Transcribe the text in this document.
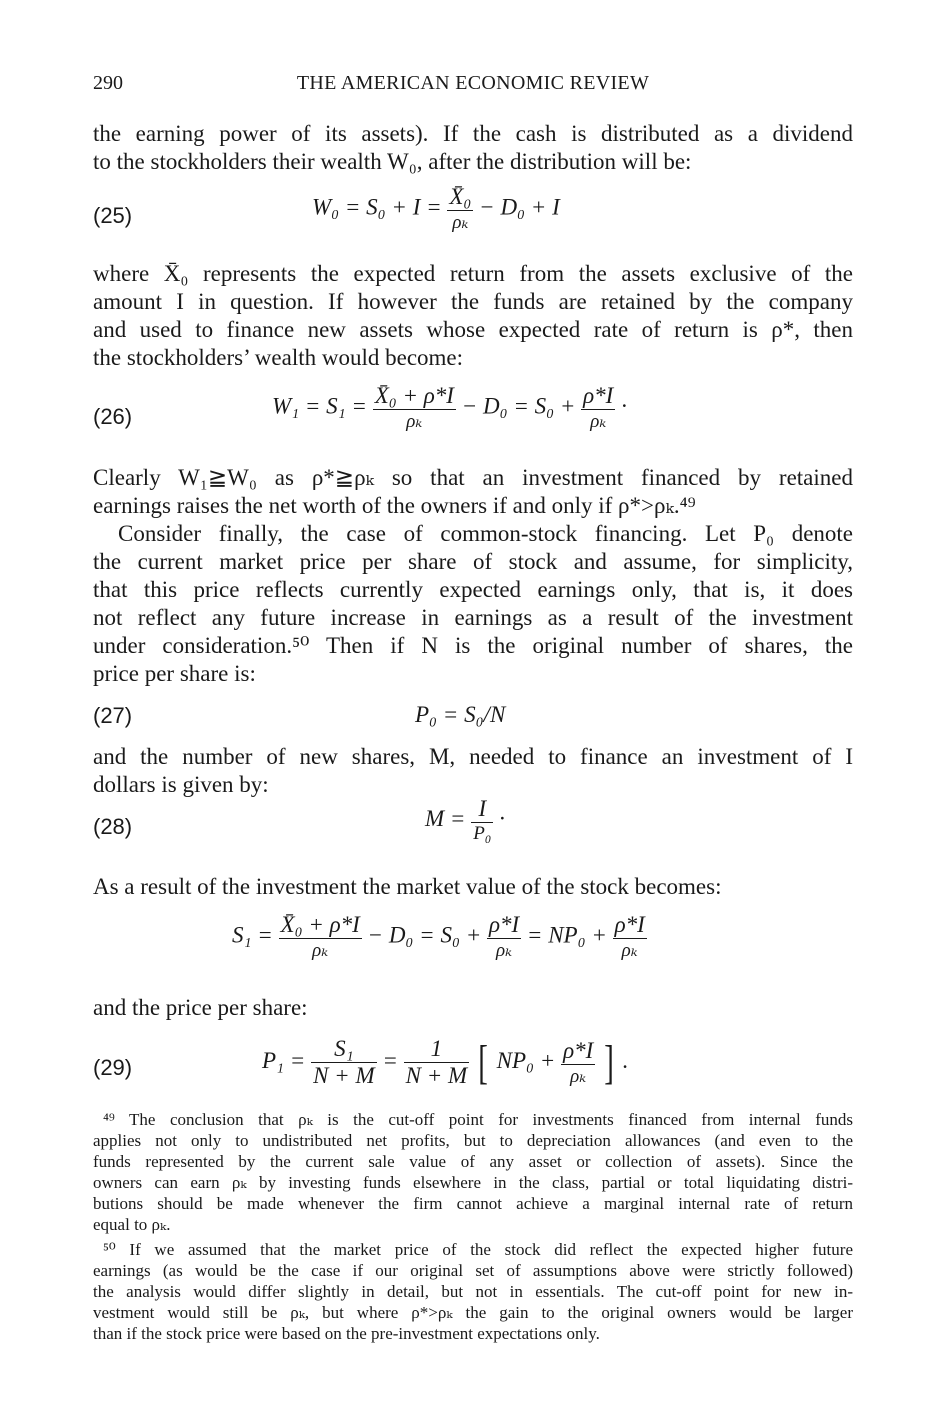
290	THE AMERICAN ECONOMIC REVIEW
the earning power of its assets). If the cash is distributed as a dividend
to the stockholders their wealth W₀, after the distribution will be:
(25)	$W_0 = S_0 + I = \frac{\text{X̄₀}}{\text{ρₖ}} - D_0 + I$
where X̄₀ represents the expected return from the assets exclusive of the
amount I in question. If however the funds are retained by the company
and used to finance new assets whose expected rate of return is ρ*, then
the stockholders’ wealth would become:
(26)	$W_1 = S_1 = \frac{\text{X̄₀ + ρ*I}}{\text{ρₖ}} - D_0 = S_0 + \frac{\rho*I}{\text{ρₖ}}$ ·
Clearly W₁≧W₀ as ρ*≧ρₖ so that an investment financed by retained
earnings raises the net worth of the owners if and only if ρ*>ρₖ.⁴⁹
Consider finally, the case of common-stock financing. Let P₀ denote
the current market price per share of stock and assume, for simplicity,
that this price reflects currently expected earnings only, that is, it does
not reflect any future increase in earnings as a result of the investment
under consideration.⁵⁰ Then if N is the original number of shares, the
price per share is:
(27)	P₀ = S₀/N
and the number of new shares, M, needed to finance an investment of I
dollars is given by:
(28)	$M = \frac{I}{\text{P₀}}$ ·
As a result of the investment the market value of the stock becomes:
$S_1 = \frac{\text{X̄₀ + ρ*I}}{\text{ρₖ}} - D_0 = S_0 + \frac{\rho*I}{\text{ρₖ}} = NP_0 + \frac{\rho*I}{\text{ρₖ}}$
and the price per share:
(29)	$P_1 = \frac{\text{S₁}}{N + M} = \frac{1}{N + M}$ [ $NP_0 + \frac{\rho*I}{\text{ρₖ}}$ ] .
⁴⁹ The conclusion that ρₖ is the cut-off point for investments financed from internal funds
applies not only to undistributed net profits, but to depreciation allowances (and even to the
funds represented by the current sale value of any asset or collection of assets). Since the
owners can earn ρₖ by investing funds elsewhere in the class, partial or total liquidating distri-
butions should be made whenever the firm cannot achieve a marginal internal rate of return
equal to ρₖ.
⁵⁰ If we assumed that the market price of the stock did reflect the expected higher future
earnings (as would be the case if our original set of assumptions above were strictly followed)
the analysis would differ slightly in detail, but not in essentials. The cut-off point for new in-
vestment would still be ρₖ, but where ρ*>ρₖ the gain to the original owners would be larger
than if the stock price were based on the pre-investment expectations only.
